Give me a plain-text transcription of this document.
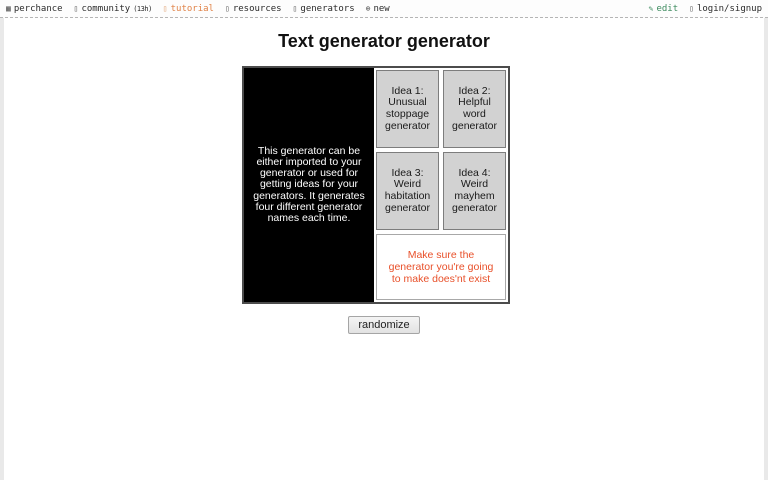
▦ perchance ▯ community (13h) ▯ tutorial ▯ resources ▯ generators ⊕ new	✎ edit ▯ login/signup
Text generator generator
This generator can be either imported to your generator or used for getting ideas for your generators. It generates four different generator names each time.
Idea 1: Unusual stoppage generator
Idea 2: Helpful word generator
Idea 3: Weird habitation generator
Idea 4: Weird mayhem generator
Make sure the generator you're going to make does'nt exist
randomize
